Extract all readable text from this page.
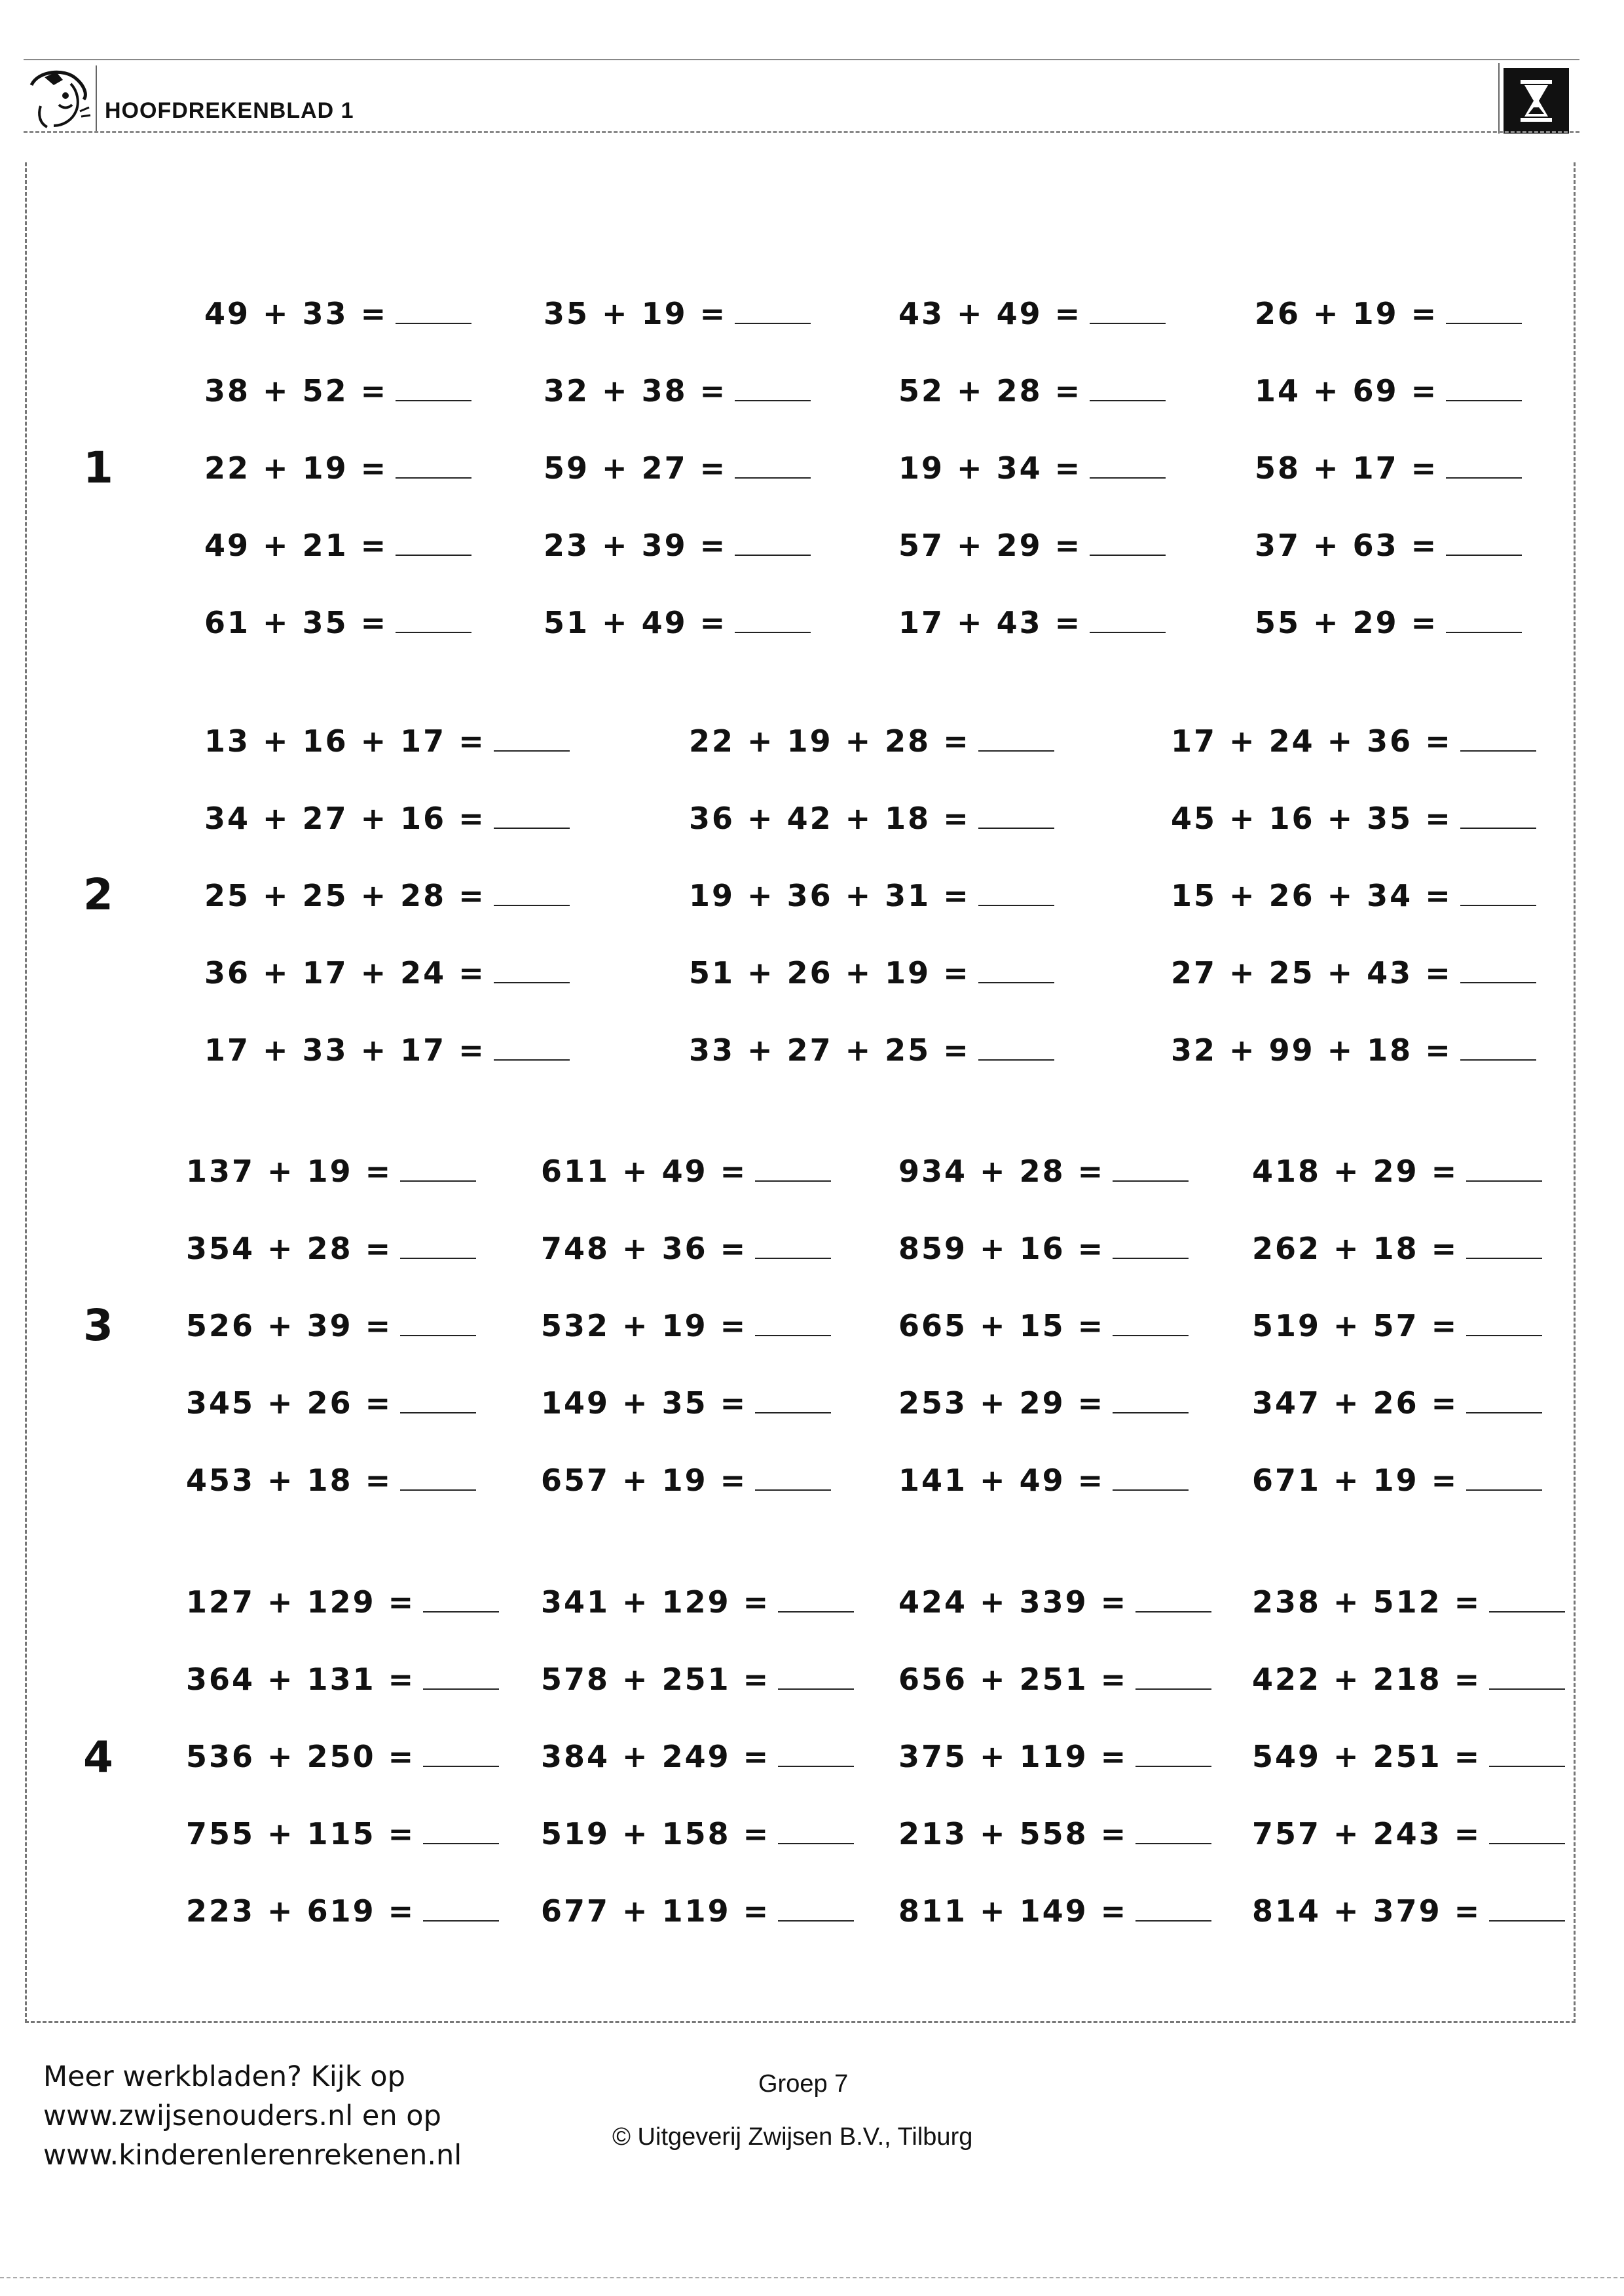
HOOFDREKENBLAD 1
1
49 + 33 =
38 + 52 =
22 + 19 =
49 + 21 =
61 + 35 =
35 + 19 =
32 + 38 =
59 + 27 =
23 + 39 =
51 + 49 =
43 + 49 =
52 + 28 =
19 + 34 =
57 + 29 =
17 + 43 =
26 + 19 =
14 + 69 =
58 + 17 =
37 + 63 =
55 + 29 =
2
13 + 16 + 17 =
34 + 27 + 16 =
25 + 25 + 28 =
36 + 17 + 24 =
17 + 33 + 17 =
22 + 19 + 28 =
36 + 42 + 18 =
19 + 36 + 31 =
51 + 26 + 19 =
33 + 27 + 25 =
17 + 24 + 36 =
45 + 16 + 35 =
15 + 26 + 34 =
27 + 25 + 43 =
32 + 99 + 18 =
3
137 + 19 =
354 + 28 =
526 + 39 =
345 + 26 =
453 + 18 =
611 + 49 =
748 + 36 =
532 + 19 =
149 + 35 =
657 + 19 =
934 + 28 =
859 + 16 =
665 + 15 =
253 + 29 =
141 + 49 =
418 + 29 =
262 + 18 =
519 + 57 =
347 + 26 =
671 + 19 =
4
127 + 129 =
364 + 131 =
536 + 250 =
755 + 115 =
223 + 619 =
341 + 129 =
578 + 251 =
384 + 249 =
519 + 158 =
677 + 119 =
424 + 339 =
656 + 251 =
375 + 119 =
213 + 558 =
811 + 149 =
238 + 512 =
422 + 218 =
549 + 251 =
757 + 243 =
814 + 379 =
Meer werkbladen? Kijk op
www.zwijsenouders.nl en op
www.kinderenlerenrekenen.nl
Groep 7
© Uitgeverij Zwijsen B.V., Tilburg
